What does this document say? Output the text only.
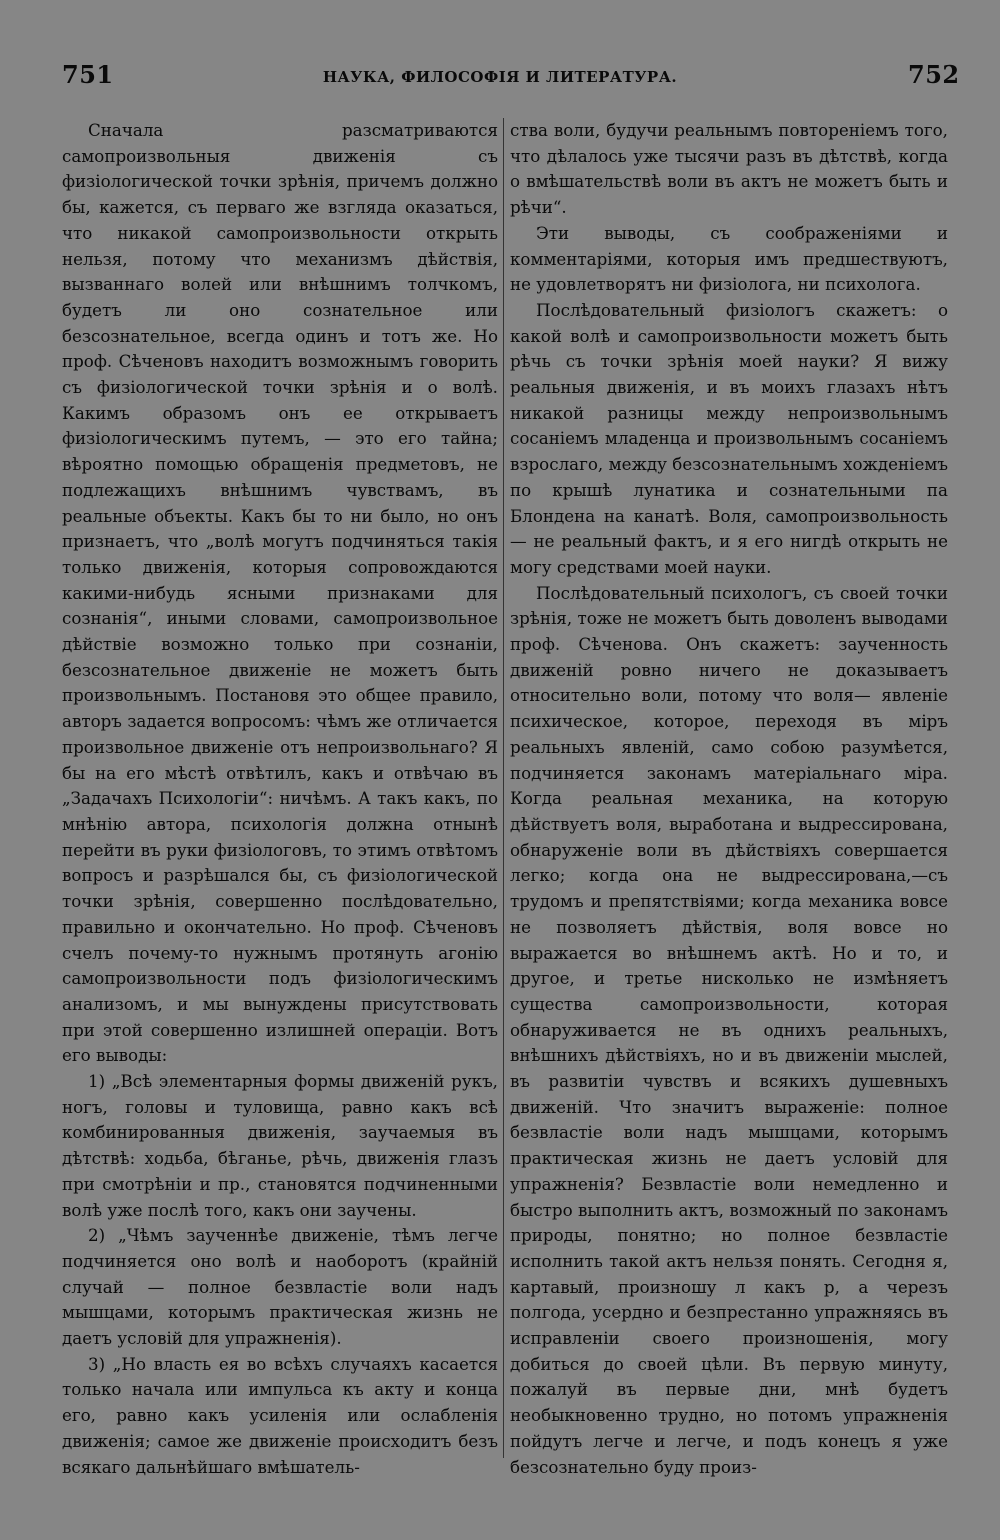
751	НАУКА, ФИЛОСОФІЯ И ЛИТЕРАТУРА.	752

Сначала разсматриваются самопроизвольныя движенія съ физіологической точки зрѣнія, причемъ должно бы, кажется, съ перваго же взгляда оказаться, что никакой самопроизвольности открыть нельзя, потому что механизмъ дѣйствія, вызваннаго волей или внѣшнимъ толчкомъ, будетъ ли оно сознательное или безсознательное, всегда одинъ и тотъ же. Но проф. Сѣченовъ находитъ возможнымъ говорить съ физіологической точки зрѣнія и о волѣ. Какимъ образомъ онъ ее открываетъ физіологическимъ путемъ, — это его тайна; вѣроятно помощью обращенія предметовъ, не подлежащихъ внѣшнимъ чувствамъ, въ реальные объекты. Какъ бы то ни было, но онъ признаетъ, что „волѣ могутъ подчиняться такія только движенія, которыя сопровождаются какими-нибудь ясными признаками для сознанія“, иными словами, самопроизвольное дѣйствіе возможно только при сознаніи, безсознательное движеніе не можетъ быть произвольнымъ. Постановя это общее правило, авторъ задается вопросомъ: чѣмъ же отличается произвольное движеніе отъ непроизвольнаго? Я бы на его мѣстѣ отвѣтилъ, какъ и отвѣчаю въ „Задачахъ Психологіи“: ничѣмъ. А такъ какъ, по мнѣнію автора, психологія должна отнынѣ перейти въ руки физіологовъ, то этимъ отвѣтомъ вопросъ и разрѣшался бы, съ физіологической точки зрѣнія, совершенно послѣдовательно, правильно и окончательно. Но проф. Сѣченовъ счелъ почему-то нужнымъ протянуть агонію самопроизвольности подъ физіологическимъ анализомъ, и мы вынуждены присутствовать при этой совершенно излишней операціи. Вотъ его выводы:

1) „Всѣ элементарныя формы движеній рукъ, ногъ, головы и туловища, равно какъ всѣ комбинированныя движенія, заучаемыя въ дѣтствѣ: ходьба, бѣганье, рѣчь, движенія глазъ при смотрѣніи и пр., становятся подчиненными волѣ уже послѣ того, какъ они заучены.

2) „Чѣмъ заученнѣе движеніе, тѣмъ легче подчиняется оно волѣ и наоборотъ (крайній случай — полное безвластіе воли надъ мышцами, которымъ практическая жизнь не даетъ условій для упражненія).

3) „Но власть ея во всѣхъ случаяхъ касается только начала или импульса къ акту и конца его, равно какъ усиленія или ослабленія движенія; самое же движеніе происходитъ безъ всякаго дальнѣйшаго вмѣшатель-

ства воли, будучи реальнымъ повтореніемъ того, что дѣлалось уже тысячи разъ въ дѣтствѣ, когда о вмѣшательствѣ воли въ актъ не можетъ быть и рѣчи“.

Эти выводы, съ соображеніями и комментаріями, которыя имъ предшествуютъ, не удовлетворятъ ни физіолога, ни психолога.

Послѣдовательный физіологъ скажетъ: о какой волѣ и самопроизвольности можетъ быть рѣчь съ точки зрѣнія моей науки? Я вижу реальныя движенія, и въ моихъ глазахъ нѣтъ никакой разницы между непроизвольнымъ сосаніемъ младенца и произвольнымъ сосаніемъ взрослаго, между безсознательнымъ хожденіемъ по крышѣ лунатика и сознательными па Блондена на канатѣ. Воля, самопроизвольность — не реальный фактъ, и я его нигдѣ открыть не могу средствами моей науки.

Послѣдовательный психологъ, съ своей точки зрѣнія, тоже не можетъ быть доволенъ выводами проф. Сѣченова. Онъ скажетъ: заученность движеній ровно ничего не доказываетъ относительно воли, потому что воля— явленіе психическое, которое, переходя въ міръ реальныхъ явленій, само собою разумѣется, подчиняется законамъ матеріальнаго міра. Когда реальная механика, на которую дѣйствуетъ воля, выработана и выдрессирована, обнаруженіе воли въ дѣйствіяхъ совершается легко; когда она не выдрессирована,—съ трудомъ и препятствіями; когда механика вовсе не позволяетъ дѣйствія, воля вовсе но выражается во внѣшнемъ актѣ. Но и то, и другое, и третье нисколько не измѣняетъ существа самопроизвольности, которая обнаруживается не въ однихъ реальныхъ, внѣшнихъ дѣйствіяхъ, но и въ движеніи мыслей, въ развитіи чувствъ и всякихъ душевныхъ движеній. Что значитъ выраженіе: полное безвластіе воли надъ мышцами, которымъ практическая жизнь не даетъ условій для упражненія? Безвластіе воли немедленно и быстро выполнить актъ, возможный по законамъ природы, понятно; но полное безвластіе исполнить такой актъ нельзя понять. Сегодня я, картавый, произношу л какъ р, а черезъ полгода, усердно и безпрестанно упражняясь въ исправленіи своего произношенія, могу добиться до своей цѣли. Въ первую минуту, пожалуй въ первые дни, мнѣ будетъ необыкновенно трудно, но потомъ упражненія пойдутъ легче и легче, и подъ конецъ я уже безсознательно буду произ-
